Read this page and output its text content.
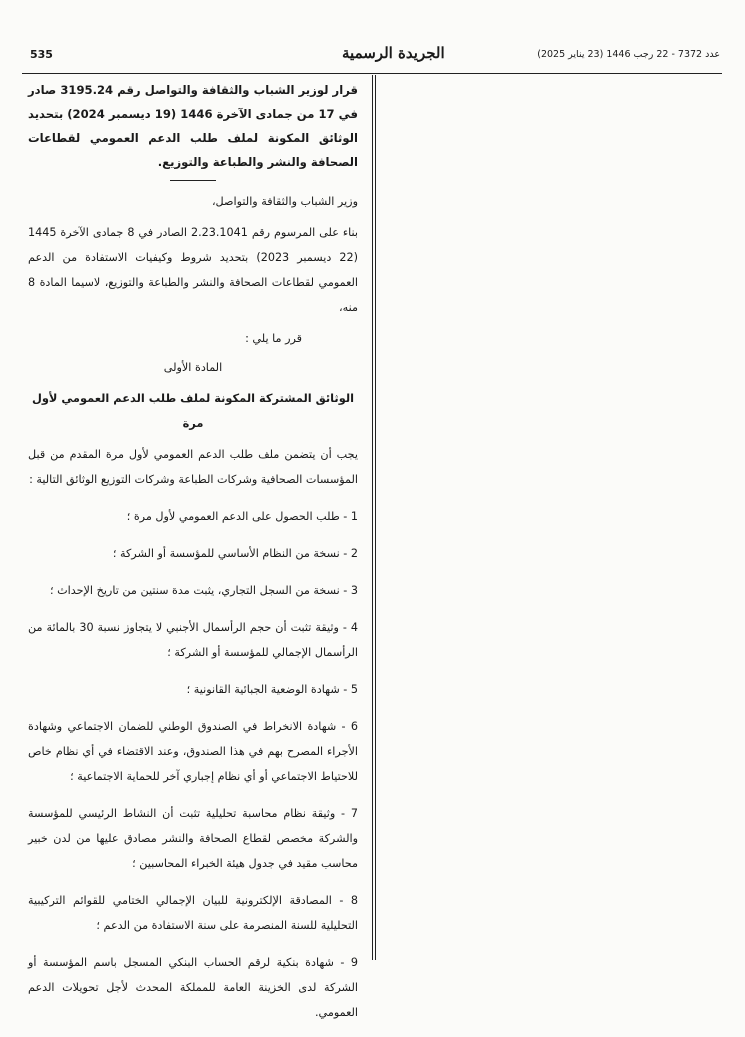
535	الجريدة الرسمية	عدد 7372 - 22 رجب 1446 (23 يناير 2025)

قرار لوزير الشباب والثقافة والتواصل رقم 3195.24 صادر في 17 من جمادى الآخرة 1446 (19 ديسمبر 2024) بتحديد الوثائق المكونة لملف طلب الدعم العمومي لقطاعات الصحافة والنشر والطباعة والتوزيع.

وزير الشباب والثقافة والتواصل،

بناء على المرسوم رقم 2.23.1041 الصادر في 8 جمادى الآخرة 1445 (22 ديسمبر 2023) بتحديد شروط وكيفيات الاستفادة من الدعم العمومي لقطاعات الصحافة والنشر والطباعة والتوزيع، لاسيما المادة 8 منه،

قرر ما يلي :

المادة الأولى

الوثائق المشتركة المكونة لملف طلب الدعم العمومي لأول مرة

يجب أن يتضمن ملف طلب الدعم العمومي لأول مرة المقدم من قبل المؤسسات الصحافية وشركات الطباعة وشركات التوزيع الوثائق التالية :

1 - طلب الحصول على الدعم العمومي لأول مرة ؛

2 - نسخة من النظام الأساسي للمؤسسة أو الشركة ؛

3 - نسخة من السجل التجاري، يثبت مدة سنتين من تاريخ الإحداث ؛

4 - وثيقة تثبت أن حجم الرأسمال الأجنبي لا يتجاوز نسبة 30 بالمائة من الرأسمال الإجمالي للمؤسسة أو الشركة ؛

5 - شهادة الوضعية الجبائية القانونية ؛

6 - شهادة الانخراط في الصندوق الوطني للضمان الاجتماعي وشهادة الأجراء المصرح بهم في هذا الصندوق، وعند الاقتضاء في أي نظام خاص للاحتياط الاجتماعي أو أي نظام إجباري آخر للحماية الاجتماعية ؛

7 - وثيقة نظام محاسبة تحليلية تثبت أن النشاط الرئيسي للمؤسسة والشركة مخصص لقطاع الصحافة والنشر مصادق عليها من لدن خبير محاسب مقيد في جدول هيئة الخبراء المحاسبين ؛

8 - المصادقة الإلكترونية للبيان الإجمالي الختامي للقوائم التركيبية التحليلية للسنة المنصرمة على سنة الاستفادة من الدعم ؛

9 - شهادة بنكية لرقم الحساب البنكي المسجل باسم المؤسسة أو الشركة لدى الخزينة العامة للمملكة المحدث لأجل تحويلات الدعم العمومي.
